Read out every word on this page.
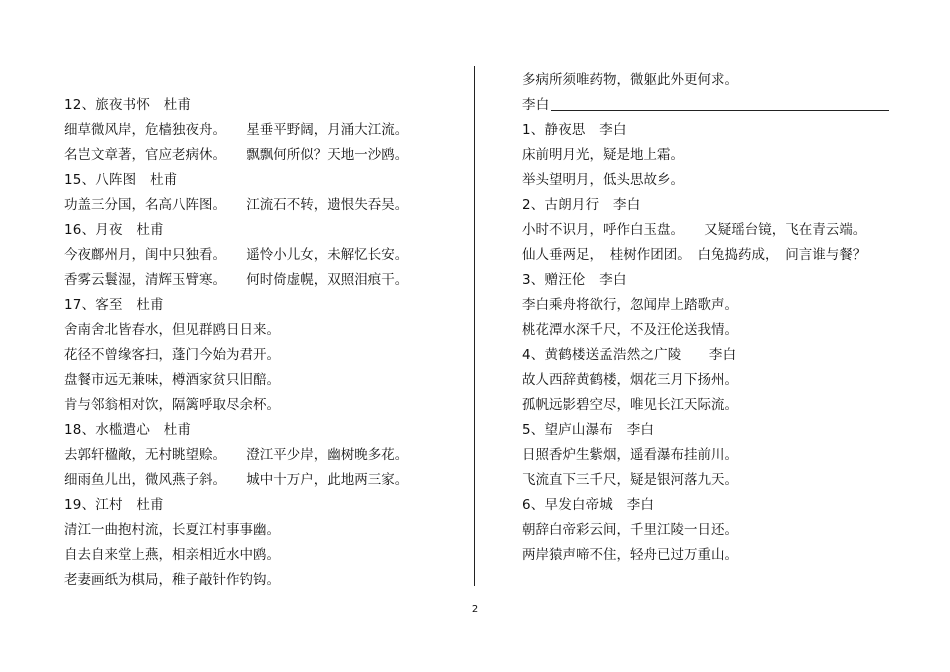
12、旅夜书怀　杜甫
细草微风岸，危樯独夜舟。　　星垂平野阔，月涌大江流。
名岂文章著，官应老病休。　　飘飘何所似？天地一沙鸥。
15、八阵图　杜甫
功盖三分国，名高八阵图。　　江流石不转，遗恨失吞吴。
16、月夜　杜甫
今夜鄜州月，闺中只独看。　　遥怜小儿女，未解忆长安。
香雾云鬟湿，清辉玉臂寒。　　何时倚虚幌，双照泪痕干。
17、客至　杜甫
舍南舍北皆春水，但见群鸥日日来。
花径不曾缘客扫，蓬门今始为君开。
盘餐市远无兼味，樽酒家贫只旧醅。
肯与邻翁相对饮，隔篱呼取尽余杯。
18、水槛遣心　杜甫
去郭轩楹敞，无村眺望赊。　　澄江平少岸，幽树晚多花。
细雨鱼儿出，微风燕子斜。　　城中十万户，此地两三家。
19、江村　杜甫
清江一曲抱村流，长夏江村事事幽。
自去自来堂上燕，相亲相近水中鸥。
老妻画纸为棋局，稚子敲针作钓钩。
多病所须唯药物，微躯此外更何求。
李白
1、静夜思　李白
床前明月光，疑是地上霜。
举头望明月，低头思故乡。
2、古朗月行　李白
小时不识月，呼作白玉盘。　　又疑瑶台镜，飞在青云端。
仙人垂两足，　桂树作团团。　白兔捣药成，　问言谁与餐？
3、赠汪伦　李白
李白乘舟将欲行，忽闻岸上踏歌声。
桃花潭水深千尺，不及汪伦送我情。
4、黄鹤楼送孟浩然之广陵　　李白
故人西辞黄鹤楼，烟花三月下扬州。
孤帆远影碧空尽，唯见长江天际流。
5、望庐山瀑布　李白
日照香炉生紫烟，遥看瀑布挂前川。
飞流直下三千尺，疑是银河落九天。
6、早发白帝城　李白
朝辞白帝彩云间，千里江陵一日还。
两岸猿声啼不住，轻舟已过万重山。
2
